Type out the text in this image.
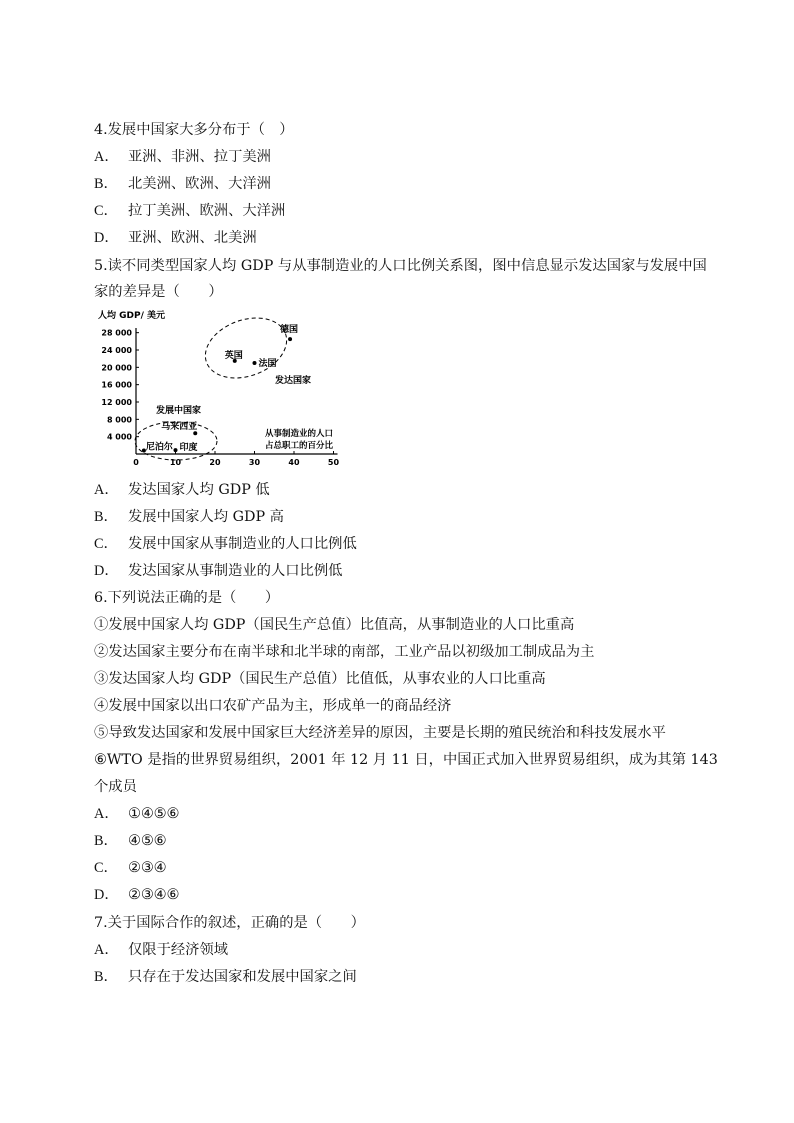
4.发展中国家大多分布于（　）
A． 亚洲、非洲、拉丁美洲
B． 北美洲、欧洲、大洋洲
C． 拉丁美洲、欧洲、大洋洲
D． 亚洲、欧洲、北美洲
5.读不同类型国家人均 GDP 与从事制造业的人口比例关系图，图中信息显示发达国家与发展中国
家的差异是（　　）
人均 GDP/ 美元
4 000
8 000
12 000
16 000
20 000
24 000
28 000
0	10	20	30	40	50
从事制造业的人口
占总职工的百分比
发达国家
发展中国家
德国
英国
法国
马来西亚
尼泊尔 印度
A． 发达国家人均 GDP 低
B． 发展中国家人均 GDP 高
C． 发展中国家从事制造业的人口比例低
D． 发达国家从事制造业的人口比例低
6.下列说法正确的是（　　）
①发展中国家人均 GDP（国民生产总值）比值高，从事制造业的人口比重高
②发达国家主要分布在南半球和北半球的南部，工业产品以初级加工制成品为主
③发达国家人均 GDP（国民生产总值）比值低，从事农业的人口比重高
④发展中国家以出口农矿产品为主，形成单一的商品经济
⑤导致发达国家和发展中国家巨大经济差异的原因，主要是长期的殖民统治和科技发展水平
⑥WTO 是指的世界贸易组织，2001 年 12 月 11 日，中国正式加入世界贸易组织，成为其第 143
个成员
A． ①④⑤⑥
B． ④⑤⑥
C． ②③④
D． ②③④⑥
7.关于国际合作的叙述，正确的是（　　）
A． 仅限于经济领域
B． 只存在于发达国家和发展中国家之间
